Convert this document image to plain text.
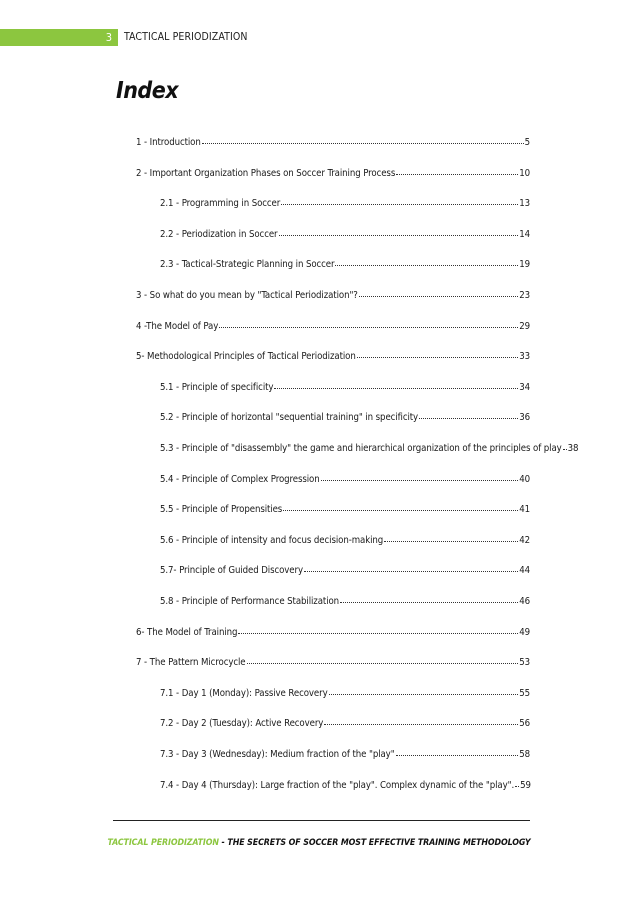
3 TACTICAL PERIODIZATION
Index
1 - Introduction	5
2 - Important Organization Phases on Soccer Training Process	10
2.1 - Programming in Soccer	13
2.2 - Periodization in Soccer	14
2.3 - Tactical-Strategic Planning in Soccer	19
3 - So what do you mean by "Tactical Periodization"?	23
4 -The Model of Pay	29
5- Methodological Principles of Tactical Periodization	33
5.1 - Principle of specificity	34
5.2 - Principle of horizontal "sequential training" in specificity	36
5.3 - Principle of "disassembly" the game and hierarchical organization of the principles of play 38
5.4 - Principle of Complex Progression	40
5.5 - Principle of Propensities	41
5.6 - Principle of intensity and focus decision-making	42
5.7- Principle of Guided Discovery	44
5.8 - Principle of Performance Stabilization	46
6- The Model of Training	49
7 - The Pattern Microcycle	53
7.1 - Day 1 (Monday): Passive Recovery	55
7.2 - Day 2 (Tuesday): Active Recovery	56
7.3 - Day 3 (Wednesday): Medium fraction of the "play"	58
7.4 - Day 4 (Thursday): Large fraction of the "play". Complex dynamic of the "play". 59
TACTICAL PERIODIZATION - THE SECRETS OF SOCCER MOST EFFECTIVE TRAINING METHODOLOGY
